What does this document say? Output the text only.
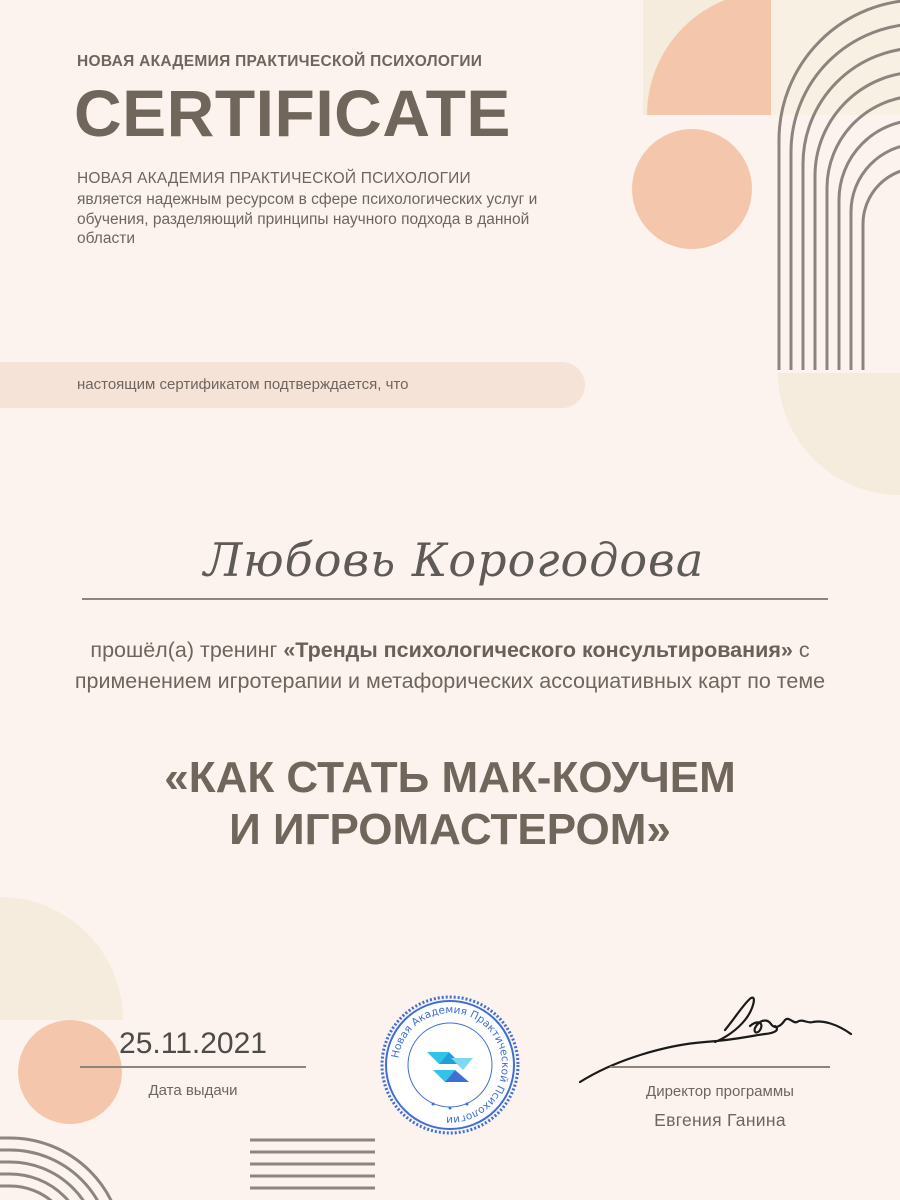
НОВАЯ АКАДЕМИЯ ПРАКТИЧЕСКОЙ ПСИХОЛОГИИ
CERTIFICATE
НОВАЯ АКАДЕМИЯ ПРАКТИЧЕСКОЙ ПСИХОЛОГИИ
является надежным ресурсом в сфере психологических услуг и обучения, разделяющий принципы научного подхода в данной области
настоящим сертификатом подтверждается, что
Любовь Корогодова
прошёл(а) тренинг «Тренды психологического консультирования» с применением игротерапии и метафорических ассоциативных карт по теме
«КАК СТАТЬ МАК-КОУЧЕМ
И ИГРОМАСТЕРОМ»
25.11.2021
Дата выдачи
Новая Академия Практической Психологии
Директор программы
Евгения Ганина
